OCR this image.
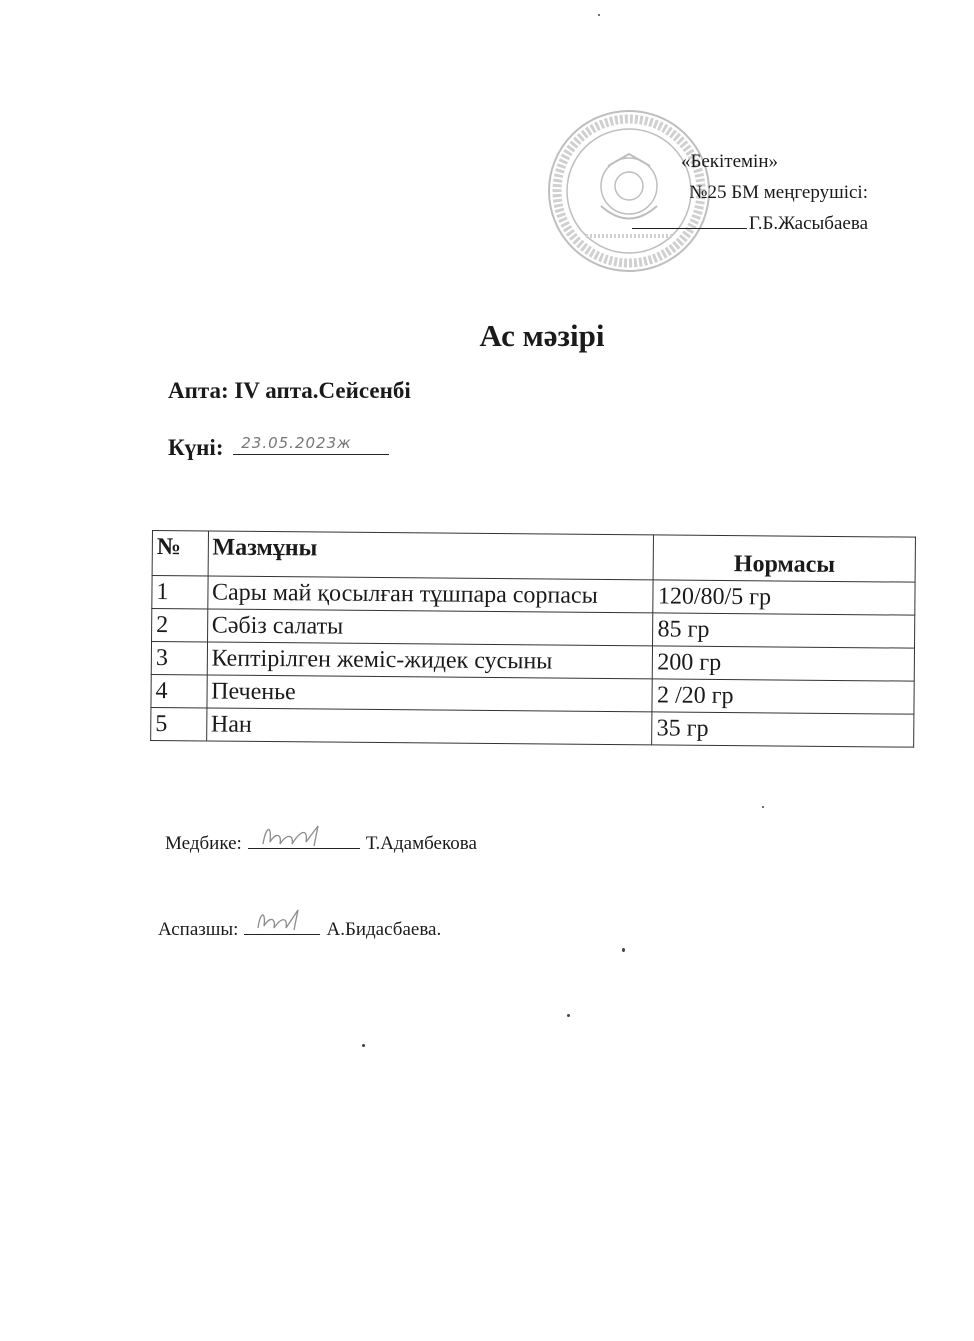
«Бекітемін»
№25 БМ меңгерушісі:
Г.Б.Жасыбаева
Ас мәзірі
Апта: IV апта.Сейсенбі
Күні: 23.05.2023ж
№	Мазмұны	Нормасы
1	Сары май қосылған тұшпара сорпасы	120/80/5 гр
2	Сәбіз салаты	85 гр
3	Кептірілген жеміс-жидек сусыны	200 гр
4	Печенье	2 /20 гр
5	Нан	35 гр
Медбике:	Т.Адамбекова
Аспазшы:	А.Бидасбаева.
